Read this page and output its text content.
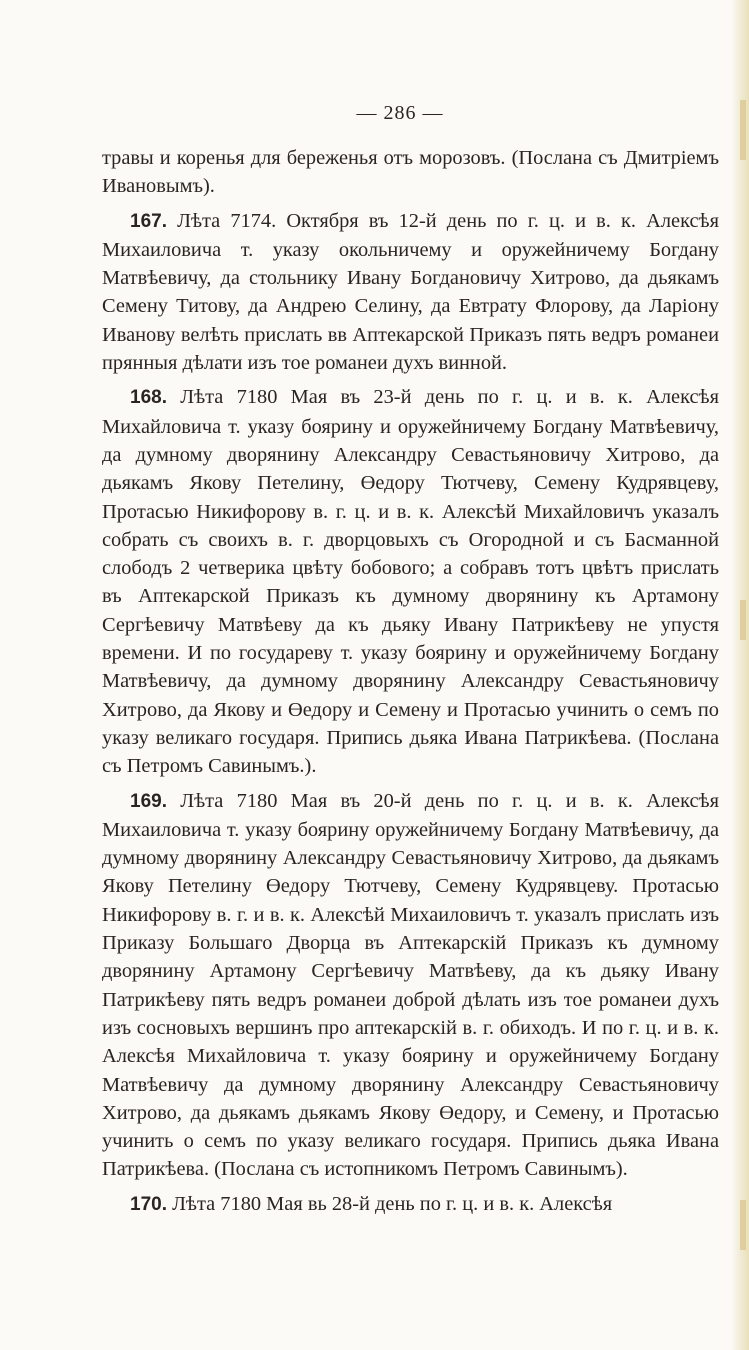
— 286 —

травы и коренья для береженья отъ морозовъ. (Послана съ Дмитріемъ Ивановымъ).

167. Лѣта 7174. Октября въ 12-й день по г. ц. и в. к. Алексѣя Михаиловича т. указу окольничему и оружейничему Богдану Матвѣевичу, да стольнику Ивану Богдановичу Хитрово, да дьякамъ Семену Титову, да Андрею Селину, да Евтрату Флорову, да Ларіону Иванову велѣть прислать вв Аптекарской Приказъ пять ведръ романеи прянныя дѣлати изъ тое романеи духъ винной.

168. Лѣта 7180 Мая въ 23-й день по г. ц. и в. к. Алексѣя Михайловича т. указу боярину и оружейничему Богдану Матвѣевичу, да думному дворянину Александру Севастьяновичу Хитрово, да дьякамъ Якову Петелину, Өедору Тютчеву, Семену Кудрявцеву, Протасью Никифорову в. г. ц. и в. к. Алексѣй Михайловичъ указалъ собрать съ своихъ в. г. дворцовыхъ съ Огородной и съ Басманной слободъ 2 четверика цвѣту бобового; а собравъ тотъ цвѣтъ прислать въ Аптекарской Приказъ къ думному дворянину къ Артамону Сергѣевичу Матвѣеву да къ дьяку Ивану Патрикѣеву не упустя времени. И по государеву т. указу боярину и оружейничему Богдану Матвѣевичу, да думному дворянину Александру Севастьяновичу Хитрово, да Якову и Өедору и Семену и Протасью учинить о семъ по указу великаго государя. Припись дьяка Ивана Патрикѣева. (Послана съ Петромъ Савинымъ.).

169. Лѣта 7180 Мая въ 20-й день по г. ц. и в. к. Алексѣя Михаиловича т. указу боярину оружейничему Богдану Матвѣевичу, да думному дворянину Александру Севастьяновичу Хитрово, да дьякамъ Якову Петелину Өедору Тютчеву, Семену Кудрявцеву. Протасью Никифорову в. г. и в. к. Алексѣй Михаиловичъ т. указалъ прислать изъ Приказу Большаго Дворца въ Аптекарскій Приказъ къ думному дворянину Артамону Сергѣевичу Матвѣеву, да къ дьяку Ивану Патрикѣеву пять ведръ романеи доброй дѣлать изъ тое романеи духъ изъ сосновыхъ вершинъ про аптекарскій в. г. обиходъ. И по г. ц. и в. к. Алексѣя Михайловича т. указу боярину и оружейничему Богдану Матвѣевичу да думному дворянину Александру Севастьяновичу Хитрово, да дьякамъ дьякамъ Якову Өедору, и Семену, и Протасью учинить о семъ по указу великаго государя. Припись дьяка Ивана Патрикѣева. (Послана съ истопникомъ Петромъ Савинымъ).

170. Лѣта 7180 Мая вь 28-й день по г. ц. и в. к. Алексѣя
